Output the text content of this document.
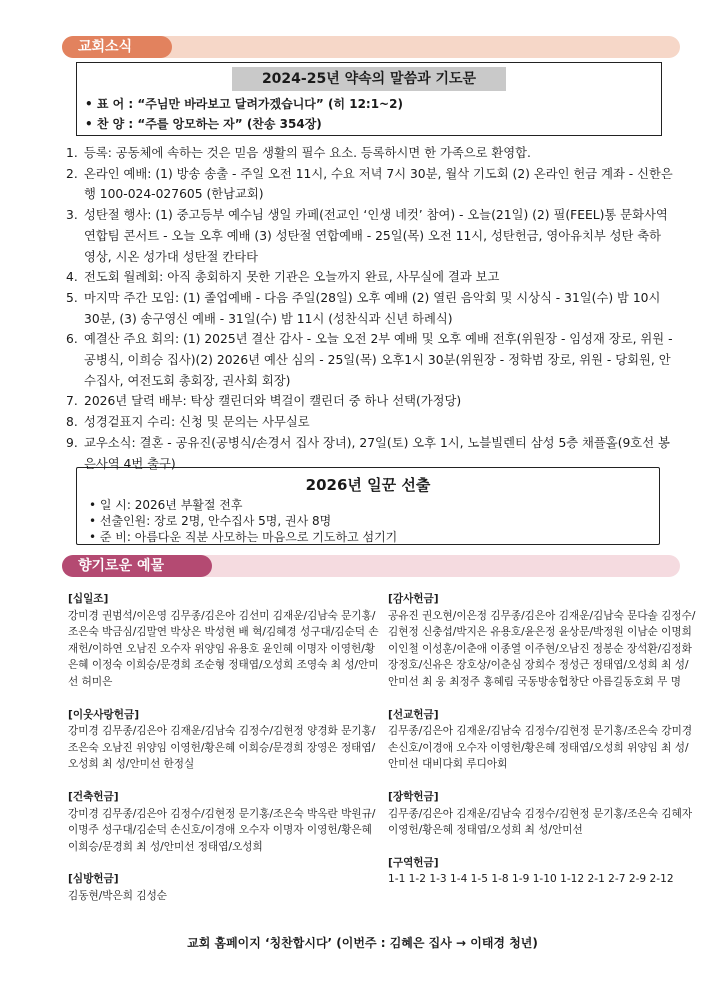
교회소식
2024-25년 약속의 말씀과 기도문
• 표 어 : “주님만 바라보고 달려가겠습니다” (히 12:1~2)
• 찬 양 : “주를 앙모하는 자” (찬송 354장)
1. 등록: 공동체에 속하는 것은 믿음 생활의 필수 요소. 등록하시면 한 가족으로 환영합.
2. 온라인 예배: (1) 방송 송출 - 주일 오전 11시, 수요 저녁 7시 30분, 월삭 기도회 (2) 온라인 헌금 계좌 - 신한은행 100-024-027605 (한남교회)
3. 성탄절 행사: (1) 중고등부 예수님 생일 카페(전교인 ‘인생 네컷’ 참여) - 오늘(21일) (2) 필(FEEL)통 문화사역연합팀 콘서트 - 오늘 오후 예배 (3) 성탄절 연합예배 - 25일(목) 오전 11시, 성탄헌금, 영아유치부 성탄 축하 영상, 시온 성가대 성탄절 칸타타
4. 전도회 월례회: 아직 총회하지 못한 기관은 오늘까지 완료, 사무실에 결과 보고
5. 마지막 주간 모임: (1) 졸업예배 - 다음 주일(28일) 오후 예배 (2) 열린 음악회 및 시상식 - 31일(수) 밤 10시 30분, (3) 송구영신 예배 - 31일(수) 밤 11시 (성찬식과 신년 하례식)
6. 예결산 주요 회의: (1) 2025년 결산 감사 - 오늘 오전 2부 예배 및 오후 예배 전후(위원장 - 임성재 장로, 위원 - 공병식, 이희승 집사)(2) 2026년 예산 심의 - 25일(목) 오후1시 30분(위원장 - 정학범 장로, 위원 - 당회원, 안수집사, 여전도회 총회장, 권사회 회장)
7. 2026년 달력 배부: 탁상 캘린더와 벽걸이 캘린더 중 하나 선택(가정당)
8. 성경겉표지 수리: 신청 및 문의는 사무실로
9. 교우소식: 결혼 - 공유진(공병식/손경서 집사 장녀), 27일(토) 오후 1시, 노블빌렌티 삼성 5층 채플홀(9호선 봉은사역 4번 출구)
2026년 일꾼 선출
• 일 시: 2026년 부활절 전후
• 선출인원: 장로 2명, 안수집사 5명, 권사 8명
• 준 비: 아름다운 직분 사모하는 마음으로 기도하고 섬기기
향기로운 예물
[십일조]
강미경 권범석/이은영 김무종/김은아 김선미 김재운/김남숙 문기홍/조은숙 박금심/김말연 박상은 박성현 배 혁/김혜경 성구대/김순덕 손재헌/이하연 오남진 오수자 위양임 유용호 윤인혜 이명자 이영헌/황은혜 이정숙 이희승/문경희 조순형 정태엽/오성희 조영숙 최 성/안미선 허미은
[이웃사랑헌금]
강미경 김무종/김은아 김재운/김남숙 김정수/김현정 양경화 문기홍/조은숙 오남진 위양임 이영헌/황은혜 이희승/문경희 장영은 정태엽/오성희 최 성/안미선 한정실
[건축헌금]
강미경 김무종/김은아 김정수/김현정 문기홍/조은숙 박옥란 박원규/이명주 성구대/김순덕 손신호/이경애 오수자 이명자 이영헌/황은혜 이희승/문경희 최 성/안미선 정태엽/오성희
[심방헌금]
김동현/박은희 김성순
[감사헌금]
공유진 권오현/이은정 김무종/김은아 김재운/김남숙 문다솔 김정수/김현정 신충섭/박지은 유용호/윤은정 윤상문/박정원 이남순 이명희 이인철 이성훈/이춘애 이종열 이주현/오남진 정봉순 장석환/김정화 장정호/신유은 장호상/이춘심 장희수 정성근 정태엽/오성희 최 성/안미선 최 웅 최정주 홍혜림 국동방송협창단 아름길동호회 무 명
[선교헌금]
김무종/김은아 김재운/김남숙 김정수/김현정 문기홍/조은숙 강미경 손신호/이경애 오수자 이영헌/황은혜 정태엽/오성희 위양임 최 성/안미선 대비다회 루디아회
[장학헌금]
김무종/김은아 김재운/김남숙 김정수/김현정 문기홍/조은숙 김혜자 이영헌/황은혜 정태엽/오성희 최 성/안미선
[구역헌금]
1-1 1-2 1-3 1-4 1-5 1-8 1-9 1-10 1-12 2-1 2-7 2-9 2-12
교회 홈페이지 ‘칭찬합시다’ (이번주 : 김혜은 집사 → 이태경 청년)
